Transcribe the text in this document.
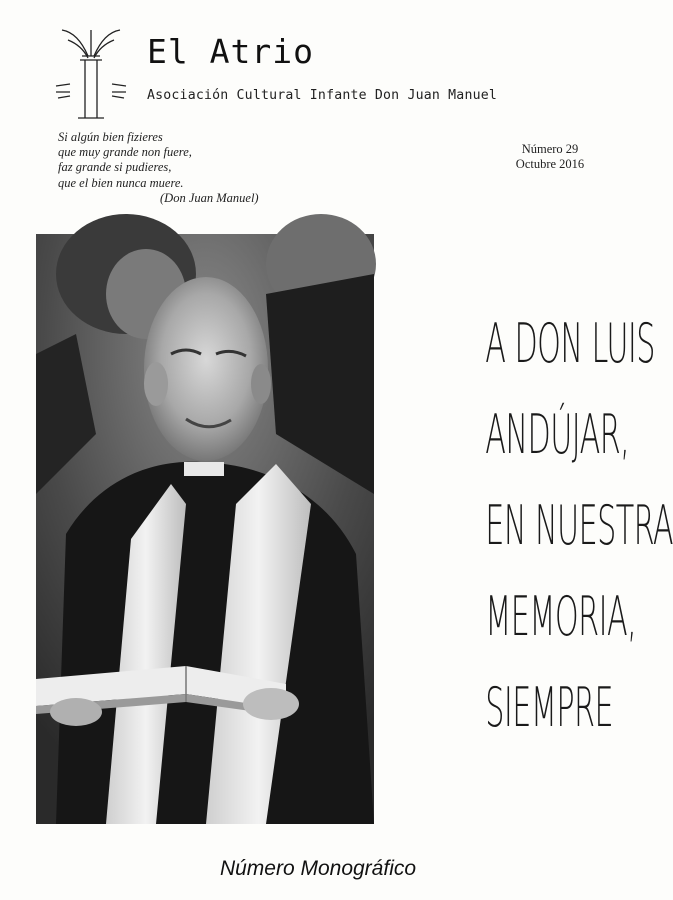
El Atrio
Asociación Cultural Infante Don Juan Manuel
Si algún bien fizieres
que muy grande non fuere,
faz grande si pudieres,
que el bien nunca muere.
(Don Juan Manuel)
Número 29
Octubre 2016
A DON LUIS
ANDÚJAR,
EN NUESTRA
MEMORIA,
SIEMPRE
Número Monográfico
